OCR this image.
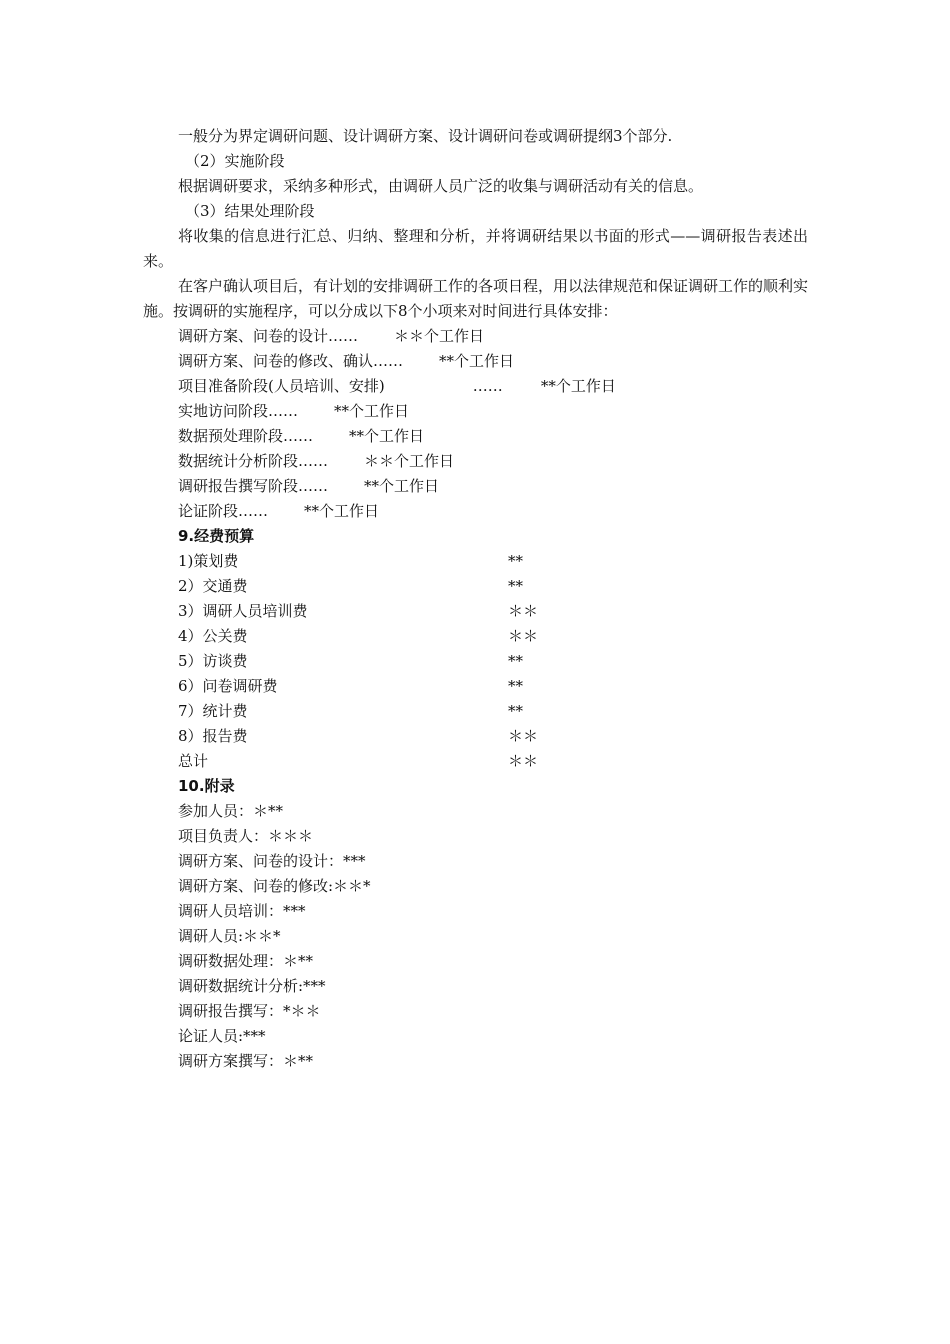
一般分为界定调研问题、设计调研方案、设计调研问卷或调研提纲3个部分.
（2）实施阶段
根据调研要求，采纳多种形式，由调研人员广泛的收集与调研活动有关的信息。
（3）结果处理阶段
将收集的信息进行汇总、归纳、整理和分析，并将调研结果以书面的形式——调研报告表述出来。
在客户确认项目后，有计划的安排调研工作的各项日程，用以法律规范和保证调研工作的顺利实施。按调研的实施程序，可以分成以下8个小项来对时间进行具体安排：
调研方案、问卷的设计…… ＊＊个工作日
调研方案、问卷的修改、确认…… **个工作日
项目准备阶段(人员培训、安排)	……        **个工作日
实地访问阶段…… **个工作日
数据预处理阶段…… **个工作日
数据统计分析阶段…… ＊＊个工作日
调研报告撰写阶段…… **个工作日
论证阶段…… **个工作日
9.经费预算
1)策划费	**
2）交通费	**
3）调研人员培训费	＊＊
4）公关费	＊＊
5）访谈费	**
6）问卷调研费	**
7）统计费	**
8）报告费	＊＊
总计	＊＊
10.附录
参加人员：＊**
项目负责人：＊＊＊
调研方案、问卷的设计：***
调研方案、问卷的修改:＊＊*
调研人员培训：***
调研人员:＊＊*
调研数据处理：＊**
调研数据统计分析:***
调研报告撰写：*＊＊
论证人员:***
调研方案撰写：＊**
